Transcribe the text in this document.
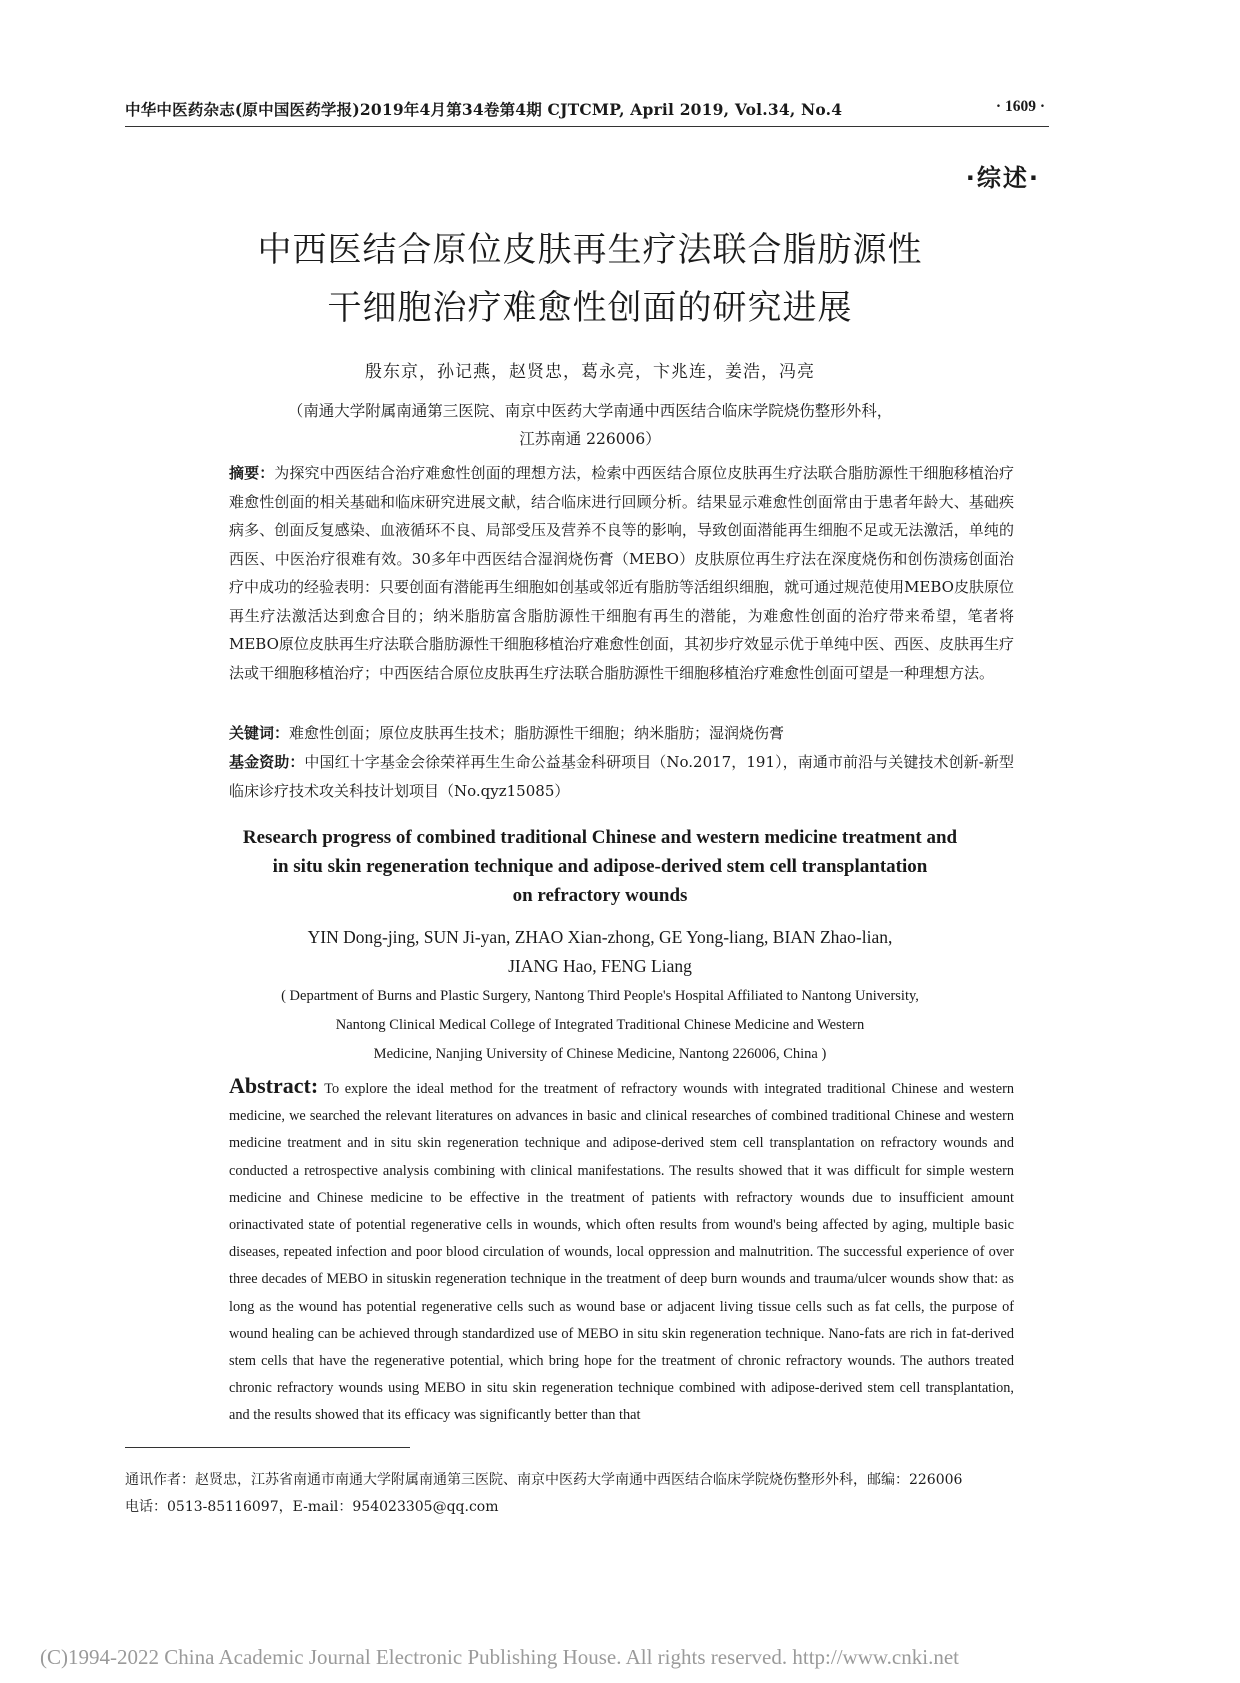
中华中医药杂志(原中国医药学报)2019年4月第34卷第4期 CJTCMP, April 2019, Vol.34, No.4	· 1609 ·
·综述·
中西医结合原位皮肤再生疗法联合脂肪源性
干细胞治疗难愈性创面的研究进展
殷东京，孙记燕，赵贤忠，葛永亮，卞兆连，姜浩，冯亮
（南通大学附属南通第三医院、南京中医药大学南通中西医结合临床学院烧伤整形外科，
江苏南通 226006）
摘要：为探究中西医结合治疗难愈性创面的理想方法，检索中西医结合原位皮肤再生疗法联合脂肪源性干细胞移植治疗难愈性创面的相关基础和临床研究进展文献，结合临床进行回顾分析。结果显示难愈性创面常由于患者年龄大、基础疾病多、创面反复感染、血液循环不良、局部受压及营养不良等的影响，导致创面潜能再生细胞不足或无法激活，单纯的西医、中医治疗很难有效。30多年中西医结合湿润烧伤膏（MEBO）皮肤原位再生疗法在深度烧伤和创伤溃疡创面治疗中成功的经验表明：只要创面有潜能再生细胞如创基或邻近有脂肪等活组织细胞，就可通过规范使用MEBO皮肤原位再生疗法激活达到愈合目的；纳米脂肪富含脂肪源性干细胞有再生的潜能，为难愈性创面的治疗带来希望，笔者将MEBO原位皮肤再生疗法联合脂肪源性干细胞移植治疗难愈性创面，其初步疗效显示优于单纯中医、西医、皮肤再生疗法或干细胞移植治疗；中西医结合原位皮肤再生疗法联合脂肪源性干细胞移植治疗难愈性创面可望是一种理想方法。
关键词：难愈性创面；原位皮肤再生技术；脂肪源性干细胞；纳米脂肪；湿润烧伤膏
基金资助：中国红十字基金会徐荣祥再生生命公益基金科研项目（No.2017，191），南通市前沿与关键技术创新-新型临床诊疗技术攻关科技计划项目（No.qyz15085）
Research progress of combined traditional Chinese and western medicine treatment and
in situ skin regeneration technique and adipose-derived stem cell transplantation
on refractory wounds
YIN Dong-jing, SUN Ji-yan, ZHAO Xian-zhong, GE Yong-liang, BIAN Zhao-lian,
JIANG Hao, FENG Liang
( Department of Burns and Plastic Surgery, Nantong Third People's Hospital Affiliated to Nantong University,
Nantong Clinical Medical College of Integrated Traditional Chinese Medicine and Western
Medicine, Nanjing University of Chinese Medicine, Nantong 226006, China )
Abstract: To explore the ideal method for the treatment of refractory wounds with integrated traditional Chinese and western medicine, we searched the relevant literatures on advances in basic and clinical researches of combined traditional Chinese and western medicine treatment and in situ skin regeneration technique and adipose-derived stem cell transplantation on refractory wounds and conducted a retrospective analysis combining with clinical manifestations. The results showed that it was difficult for simple western medicine and Chinese medicine to be effective in the treatment of patients with refractory wounds due to insufficient amount orinactivated state of potential regenerative cells in wounds, which often results from wound's being affected by aging, multiple basic diseases, repeated infection and poor blood circulation of wounds, local oppression and malnutrition. The successful experience of over three decades of MEBO in situskin regeneration technique in the treatment of deep burn wounds and trauma/ulcer wounds show that: as long as the wound has potential regenerative cells such as wound base or adjacent living tissue cells such as fat cells, the purpose of wound healing can be achieved through standardized use of MEBO in situ skin regeneration technique. Nano-fats are rich in fat-derived stem cells that have the regenerative potential, which bring hope for the treatment of chronic refractory wounds. The authors treated chronic refractory wounds using MEBO in situ skin regeneration technique combined with adipose-derived stem cell transplantation, and the results showed that its efficacy was significantly better than that
通讯作者：赵贤忠，江苏省南通市南通大学附属南通第三医院、南京中医药大学南通中西医结合临床学院烧伤整形外科，邮编：226006
电话：0513-85116097，E-mail：954023305@qq.com
(C)1994-2022 China Academic Journal Electronic Publishing House. All rights reserved. http://www.cnki.net
